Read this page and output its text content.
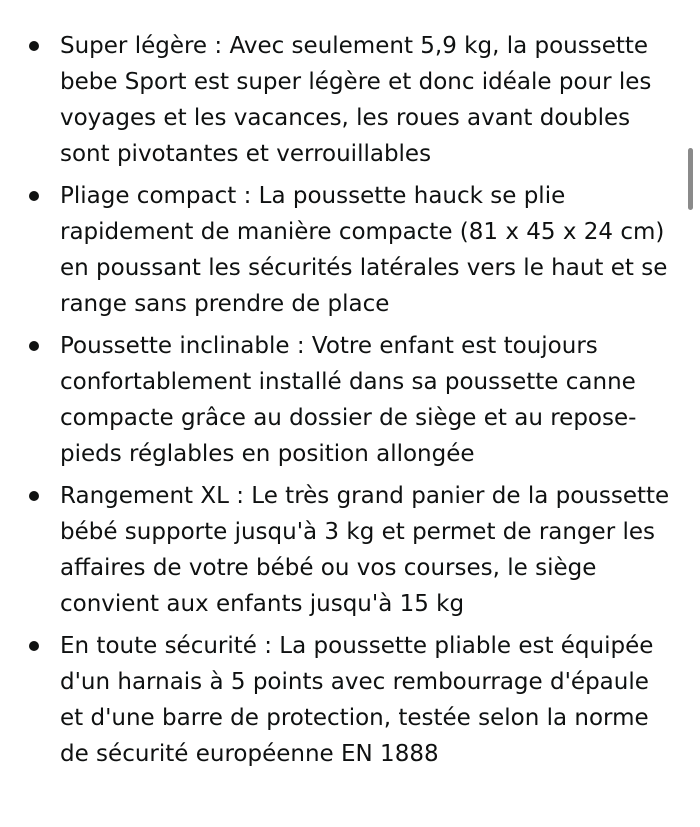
Super légère : Avec seulement 5,9 kg, la poussette bebe Sport est super légère et donc idéale pour les voyages et les vacances, les roues avant doubles sont pivotantes et verrouillables
Pliage compact : La poussette hauck se plie rapidement de manière compacte (81 x 45 x 24 cm) en poussant les sécurités latérales vers le haut et se range sans prendre de place
Poussette inclinable : Votre enfant est toujours confortablement installé dans sa poussette canne compacte grâce au dossier de siège et au repose-pieds réglables en position allongée
Rangement XL : Le très grand panier de la poussette bébé supporte jusqu'à 3 kg et permet de ranger les affaires de votre bébé ou vos courses, le siège convient aux enfants jusqu'à 15 kg
En toute sécurité : La poussette pliable est équipée d'un harnais à 5 points avec rembourrage d'épaule et d'une barre de protection, testée selon la norme de sécurité européenne EN 1888
